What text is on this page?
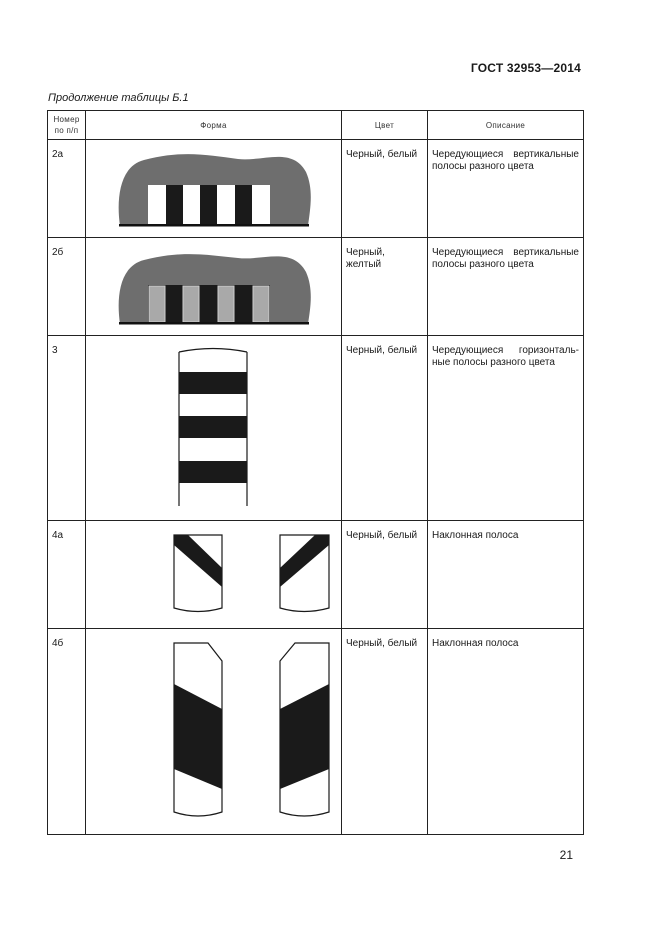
ГОСТ 32953—2014
Продолжение таблицы Б.1
Номер
по п/п	Форма	Цвет	Описание
2а		Черный, белый	Чередующиеся вертикальные
полосы разного цвета
2б		Черный,
желтый	Чередующиеся вертикальные
полосы разного цвета
3		Черный, белый	Чередующиеся горизонталь-
ные полосы разного цвета
4а		Черный, белый	Наклонная полоса
4б		Черный, белый	Наклонная полоса
21
